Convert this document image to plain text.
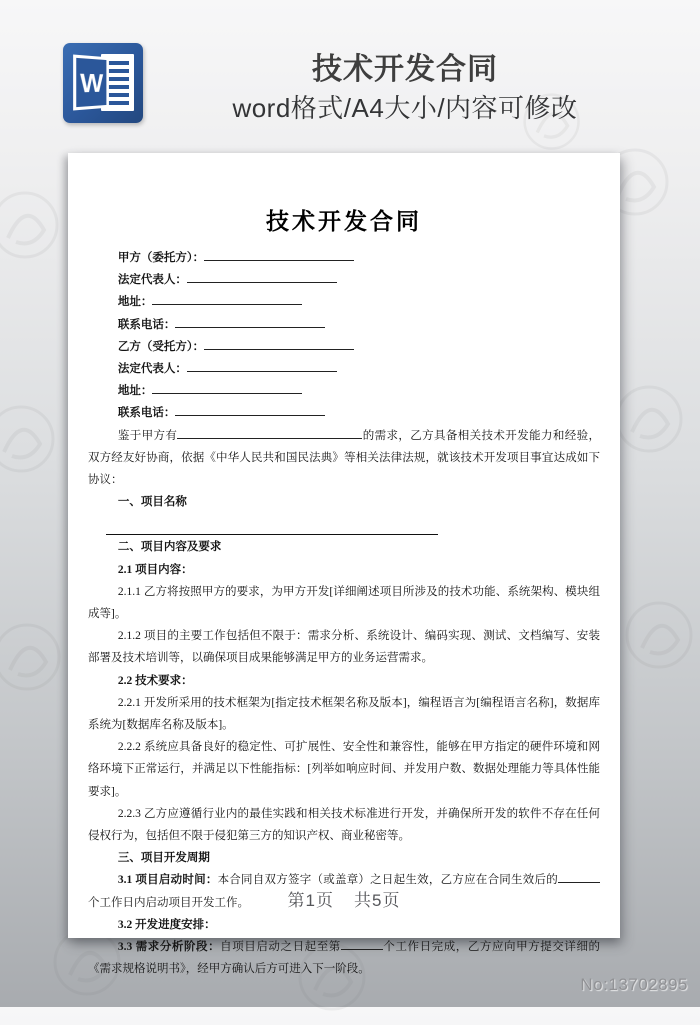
W	技术开发合同
word格式/A4大小/内容可修改
技术开发合同
甲方（委托方）：
法定代表人：
地址：
联系电话：
乙方（受托方）：
法定代表人：
地址：
联系电话：

鉴于甲方有	的需求，乙方具备相关技术开发能力和经验，双方经友好协商，依据《中华人民共和国民法典》等相关法律法规，就该技术开发项目事宜达成如下协议：

一、项目名称
二、项目内容及要求
2.1 项目内容：

2.1.1 乙方将按照甲方的要求，为甲方开发[详细阐述项目所涉及的技术功能、系统架构、模块组成等]。

2.1.2 项目的主要工作包括但不限于：需求分析、系统设计、编码实现、测试、文档编写、安装部署及技术培训等，以确保项目成果能够满足甲方的业务运营需求。

2.2 技术要求：

2.2.1 开发所采用的技术框架为[指定技术框架名称及版本]，编程语言为[编程语言名称]，数据库系统为[数据库名称及版本]。

2.2.2 系统应具备良好的稳定性、可扩展性、安全性和兼容性，能够在甲方指定的硬件环境和网络环境下正常运行，并满足以下性能指标：[列举如响应时间、并发用户数、数据处理能力等具体性能要求]。

2.2.3 乙方应遵循行业内的最佳实践和相关技术标准进行开发，并确保所开发的软件不存在任何侵权行为，包括但不限于侵犯第三方的知识产权、商业秘密等。

三、项目开发周期

3.1 项目启动时间：本合同自双方签字（或盖章）之日起生效，乙方应在合同生效后的个工作日内启动项目开发工作。

3.2 开发进度安排：

3.3 需求分析阶段：自项目启动之日起至第	个工作日完成，乙方应向甲方提交详细的《需求规格说明书》，经甲方确认后方可进入下一阶段。

第1页 共5页
No:13702895
